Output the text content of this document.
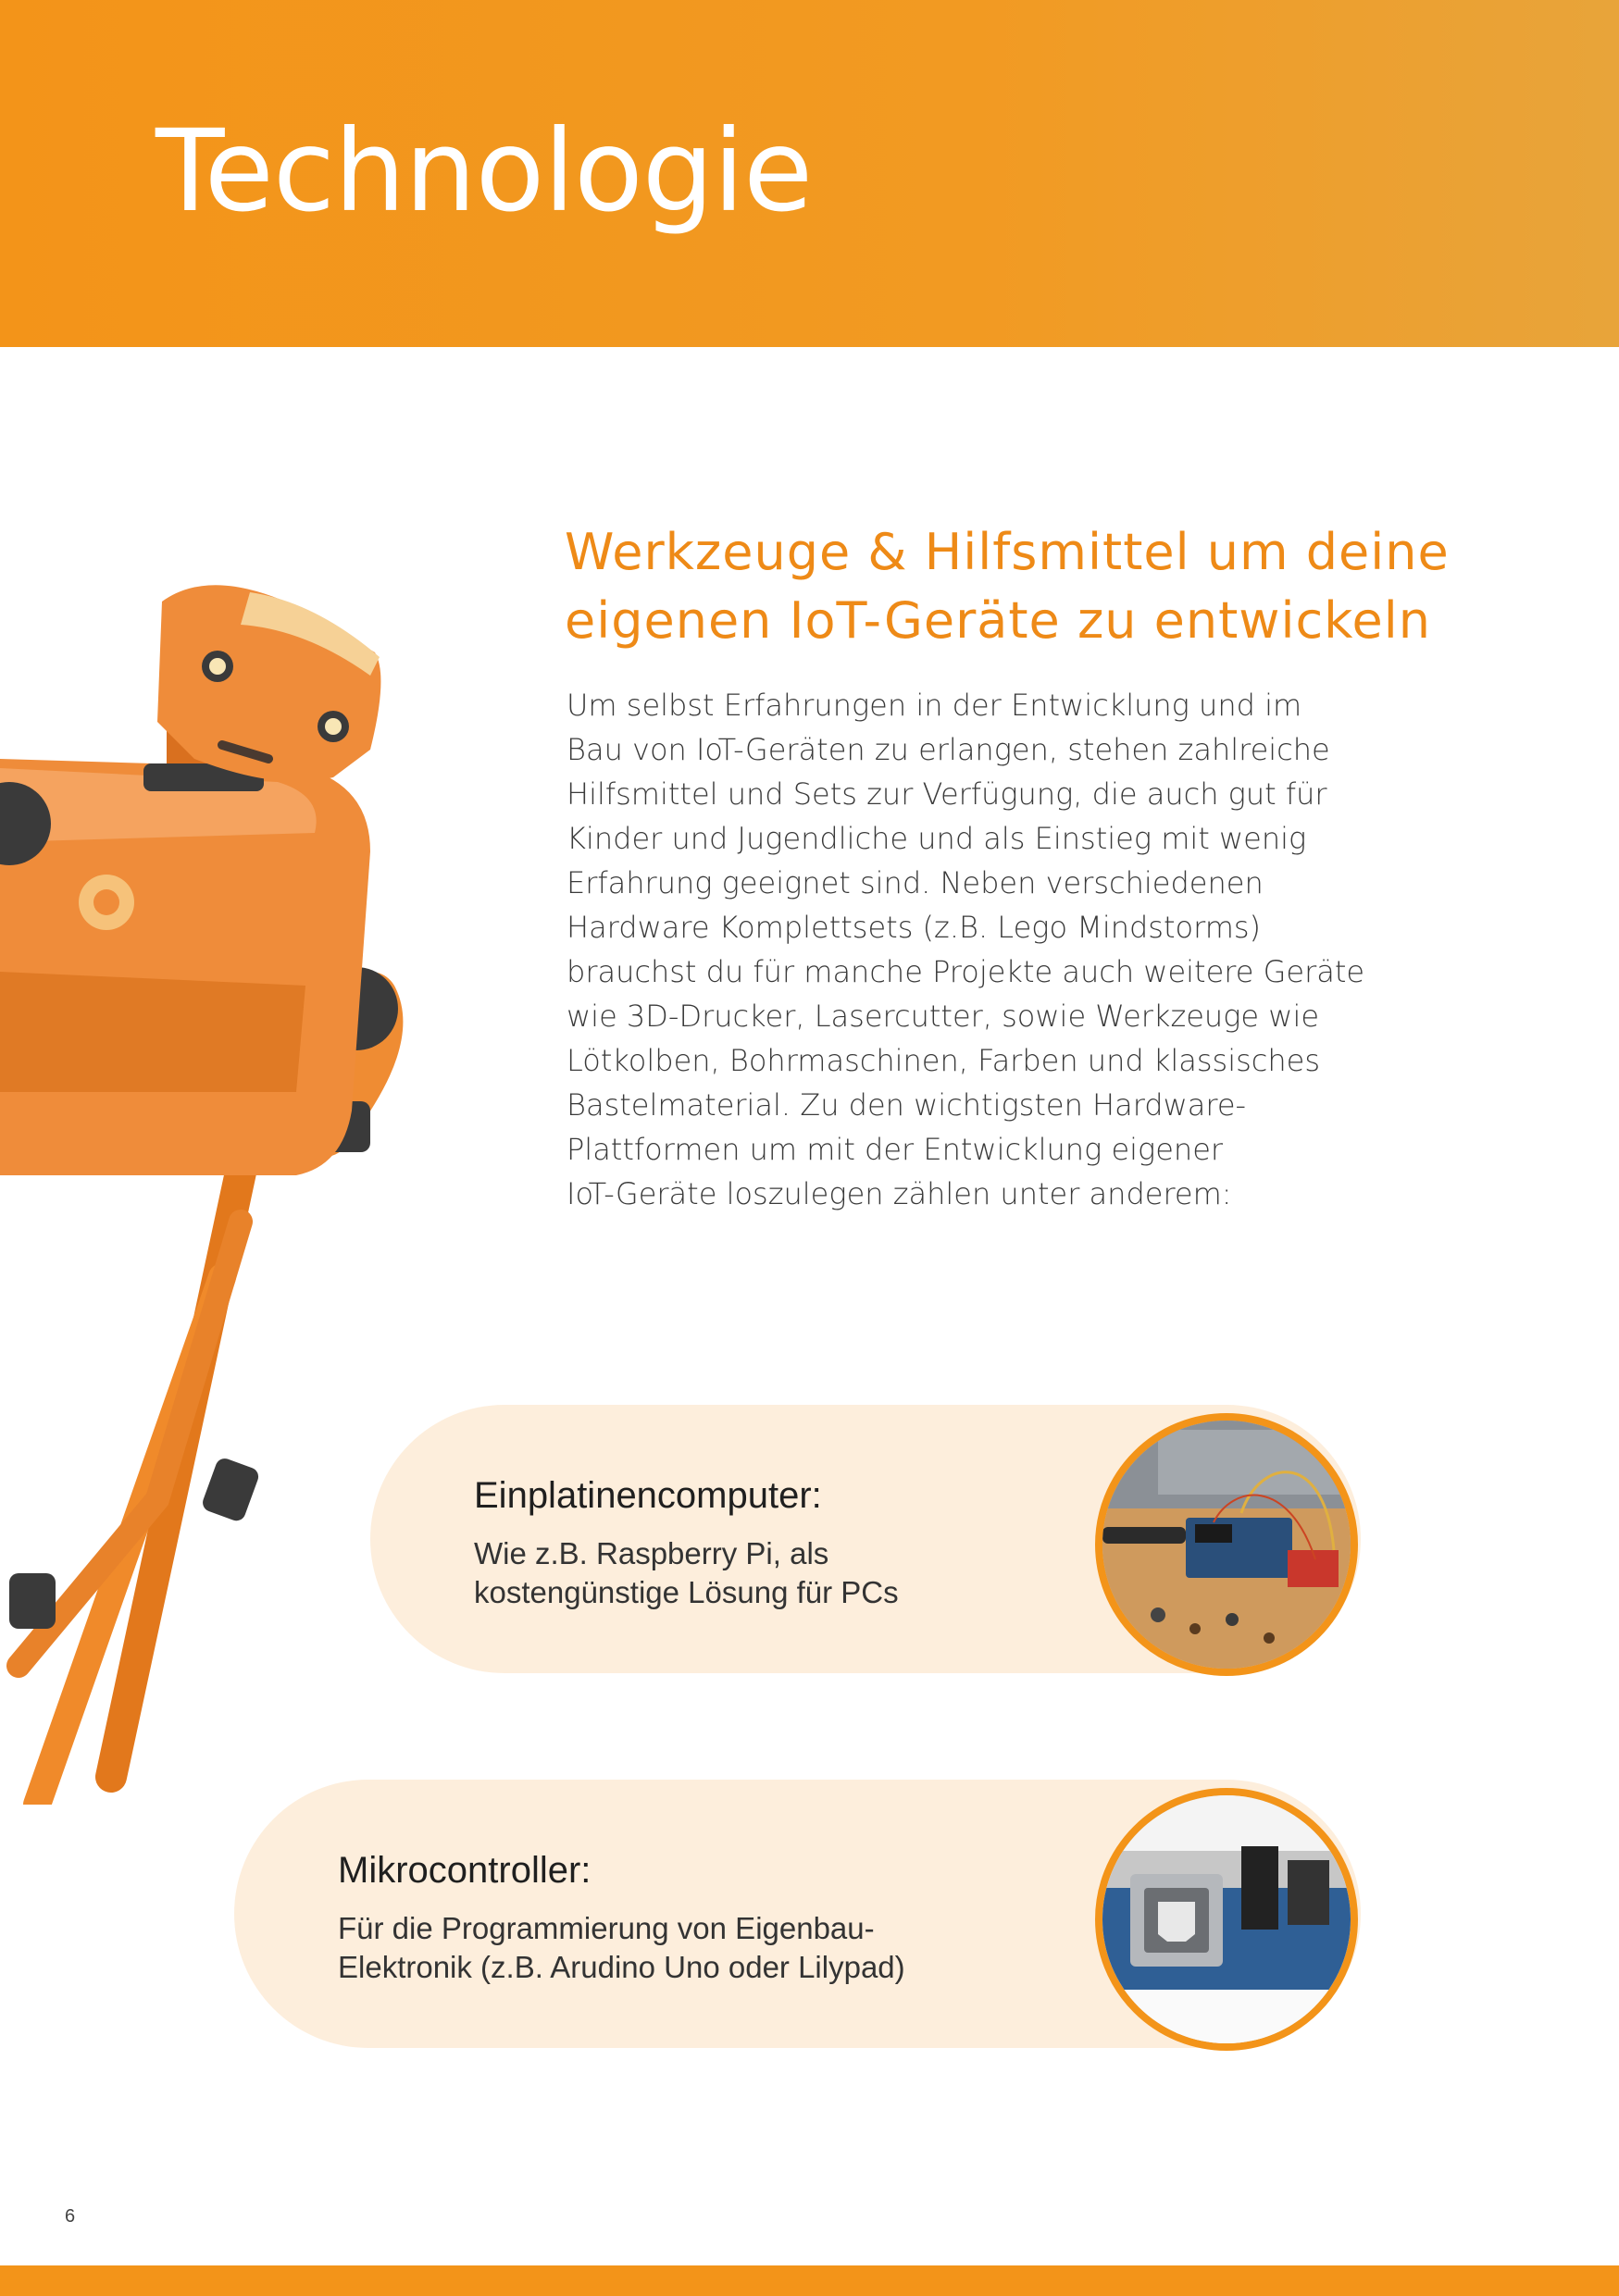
Technologie
Werkzeuge & Hilfsmittel um deine
eigenen IoT-Geräte zu entwickeln

Um selbst Erfahrungen in der Entwicklung und im
Bau von IoT-Geräten zu erlangen, stehen zahlreiche
Hilfsmittel und Sets zur Verfügung, die auch gut für
Kinder und Jugendliche und als Einstieg mit wenig
Erfahrung geeignet sind. Neben verschiedenen
Hardware Komplettsets (z.B. Lego Mindstorms)
brauchst du für manche Projekte auch weitere Geräte
wie 3D-Drucker, Lasercutter, sowie Werkzeuge wie
Lötkolben, Bohrmaschinen, Farben und klassisches
Bastelmaterial. Zu den wichtigsten Hardware-
Plattformen um mit der Entwicklung eigener
IoT-Geräte loszulegen zählen unter anderem:

Einplatinencomputer:

Wie z.B. Raspberry Pi, als
kostengünstige Lösung für PCs

Mikrocontroller:

Für die Programmierung von Eigenbau-
Elektronik (z.B. Arudino Uno oder Lilypad)

6
